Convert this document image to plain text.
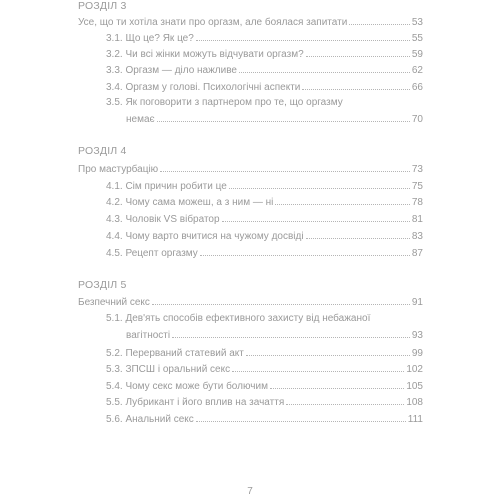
РОЗДІЛ 3
Усе, що ти хотіла знати про оргазм, але боялася запитати	53
3.1. Що це? Як це?	55
3.2. Чи всі жінки можуть відчувати оргазм?	59
3.3. Оргазм — діло нажливе	62
3.4. Оргазм у голові. Психологічні аспекти	66
3.5. Як поговорити з партнером про те, що оргазму
немає	70
РОЗДІЛ 4
Про мастурбацію	73
4.1. Сім причин робити це	75
4.2. Чому сама можеш, а з ним — ні	78
4.3. Чоловік VS вібратор	81
4.4. Чому варто вчитися на чужому досвіді	83
4.5. Рецепт оргазму	87
РОЗДІЛ 5
Безпечний секс	91
5.1. Дев'ять способів ефективного захисту від небажаної
вагітності	93
5.2. Перерваний статевий акт	99
5.3. ЗПСШ і оральний секс	102
5.4. Чому секс може бути болючим	105
5.5. Лубрикант і його вплив на зачаття	108
5.6. Анальний секс	111
7
